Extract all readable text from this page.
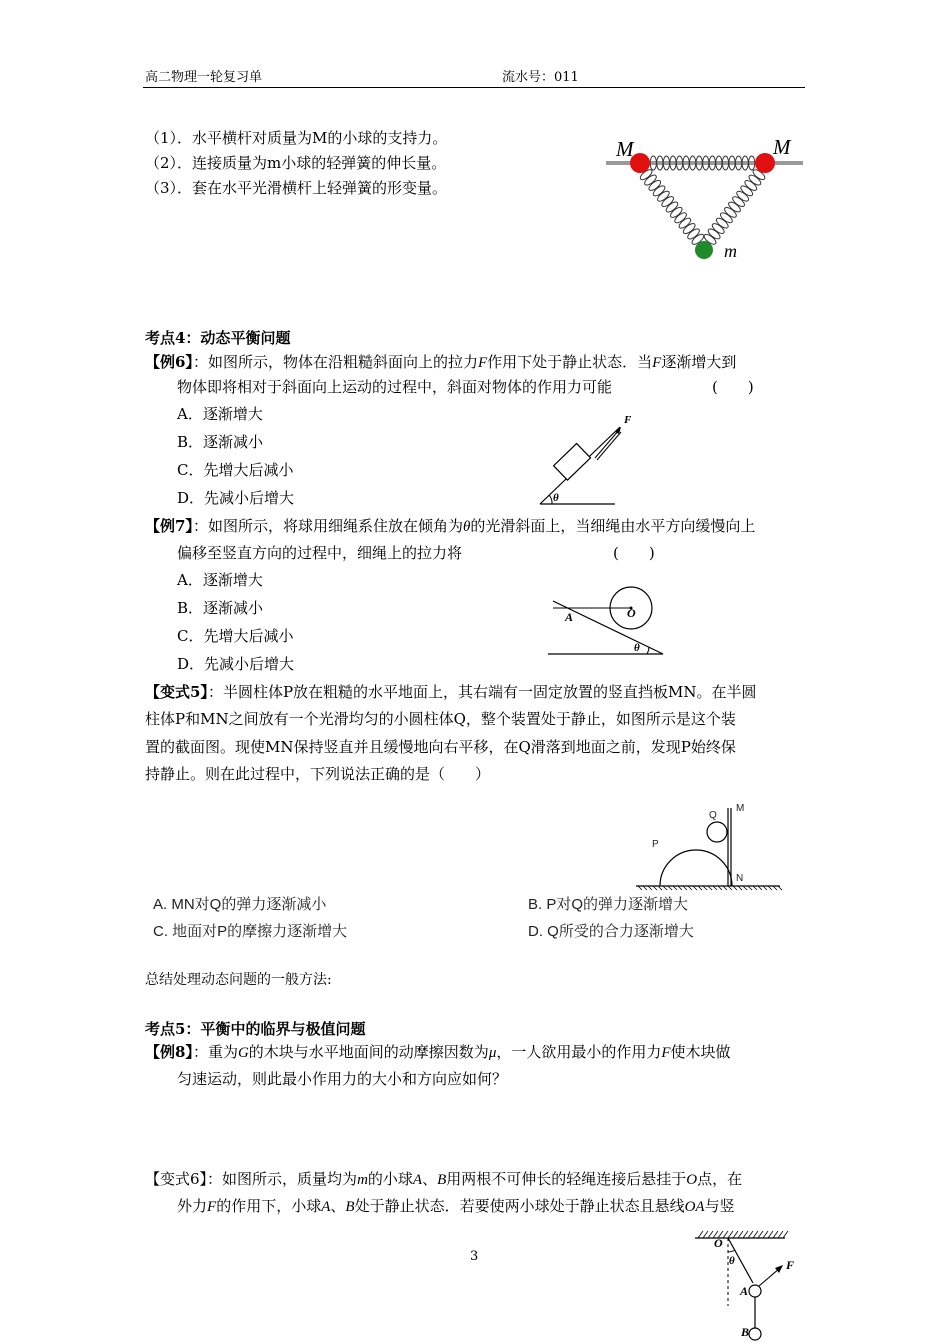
高二物理一轮复习单	流水号：011
（1）．水平横杆对质量为M的小球的支持力。
（2）．连接质量为m小球的轻弹簧的伸长量。
（3）．套在水平光滑横杆上轻弹簧的形变量。
M	M
m
考点4：动态平衡问题
【例6】：如图所示，物体在沿粗糙斜面向上的拉力F作用下处于静止状态．当F逐渐增大到
物体即将相对于斜面向上运动的过程中，斜面对物体的作用力可能	(　　)
A．逐渐增大
B．逐渐减小
C．先增大后减小
D．先减小后增大
F
θ
【例7】：如图所示，将球用细绳系住放在倾角为θ的光滑斜面上，当细绳由水平方向缓慢向上
偏移至竖直方向的过程中，细绳上的拉力将	(　　)
A．逐渐增大
B．逐渐减小
C．先增大后减小
D．先减小后增大
A	O
θ
【变式5】：半圆柱体P放在粗糙的水平地面上，其右端有一固定放置的竖直挡板MN。在半圆
柱体P和MN之间放有一个光滑均匀的小圆柱体Q，整个装置处于静止，如图所示是这个装
置的截面图。现使MN保持竖直并且缓慢地向右平移，在Q滑落到地面之前，发现P始终保
持静止。则在此过程中，下列说法正确的是（　　）
M
N
P
Q
A. MN对Q的弹力逐渐减小	B. P对Q的弹力逐渐增大
C. 地面对P的摩擦力逐渐增大	D. Q所受的合力逐渐增大
总结处理动态问题的一般方法:
考点5：平衡中的临界与极值问题
【例8】：重为G的木块与水平地面间的动摩擦因数为μ，一人欲用最小的作用力F使木块做
匀速运动，则此最小作用力的大小和方向应如何？
【变式6】：如图所示，质量均为m的小球A、B用两根不可伸长的轻绳连接后悬挂于O点，在
外力F的作用下，小球A、B处于静止状态．若要使两小球处于静止状态且悬线OA与竖
3
O
θ	F
A
B
